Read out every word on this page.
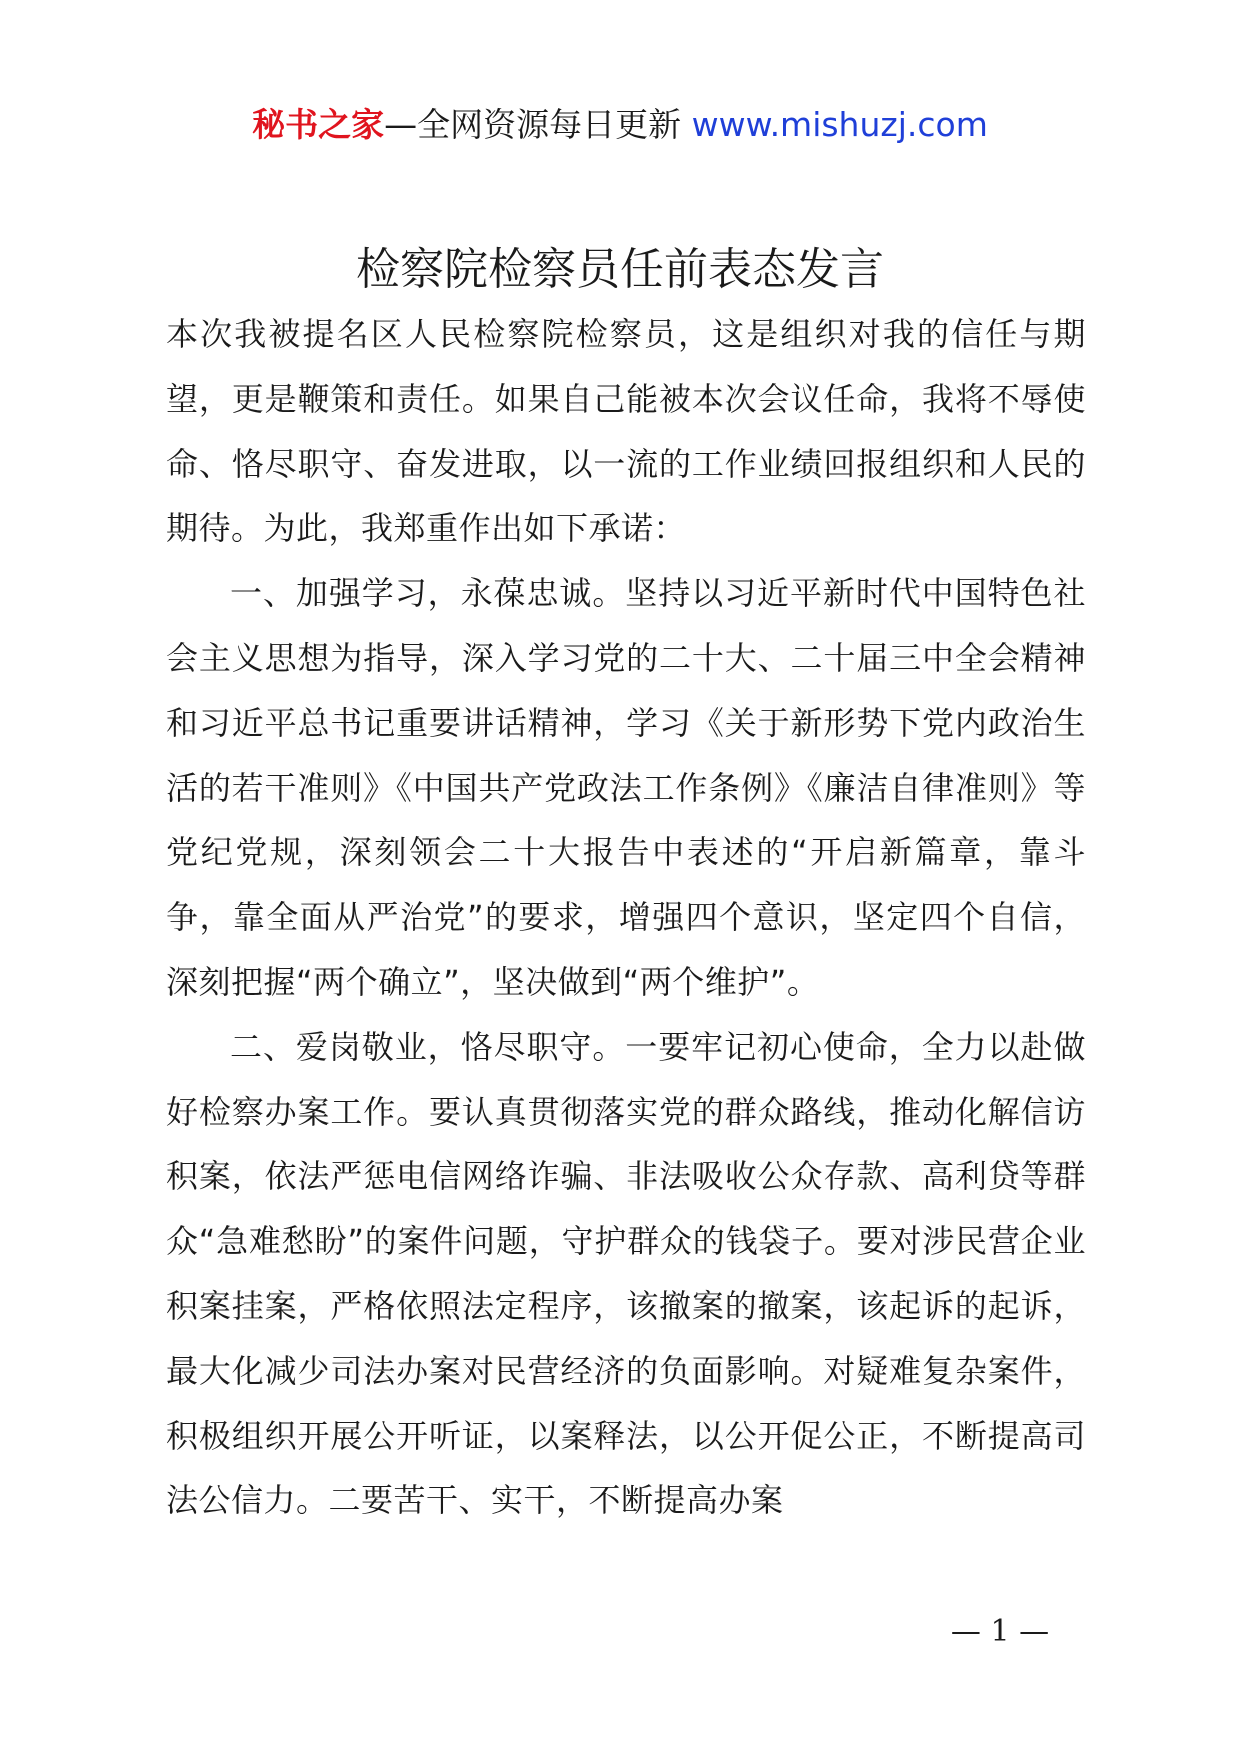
秘书之家—全网资源每日更新 www.mishuzj.com
检察院检察员任前表态发言

本次我被提名区人民检察院检察员，这是组织对我的信任与期望，更是鞭策和责任。如果自己能被本次会议任命，我将不辱使命、恪尽职守、奋发进取，以一流的工作业绩回报组织和人民的期待。为此，我郑重作出如下承诺：

一、加强学习，永葆忠诚。坚持以习近平新时代中国特色社会主义思想为指导，深入学习党的二十大、二十届三中全会精神和习近平总书记重要讲话精神，学习《关于新形势下党内政治生活的若干准则》《中国共产党政法工作条例》《廉洁自律准则》等党纪党规，深刻领会二十大报告中表述的“开启新篇章，靠斗争，靠全面从严治党”的要求，增强四个意识，坚定四个自信，深刻把握“两个确立”，坚决做到“两个维护”。

二、爱岗敬业，恪尽职守。一要牢记初心使命，全力以赴做好检察办案工作。要认真贯彻落实党的群众路线，推动化解信访积案，依法严惩电信网络诈骗、非法吸收公众存款、高利贷等群众“急难愁盼”的案件问题，守护群众的钱袋子。要对涉民营企业积案挂案，严格依照法定程序，该撤案的撤案，该起诉的起诉，最大化减少司法办案对民营经济的负面影响。对疑难复杂案件，积极组织开展公开听证，以案释法，以公开促公正，不断提高司法公信力。二要苦干、实干，不断提高办案

— 1 —
